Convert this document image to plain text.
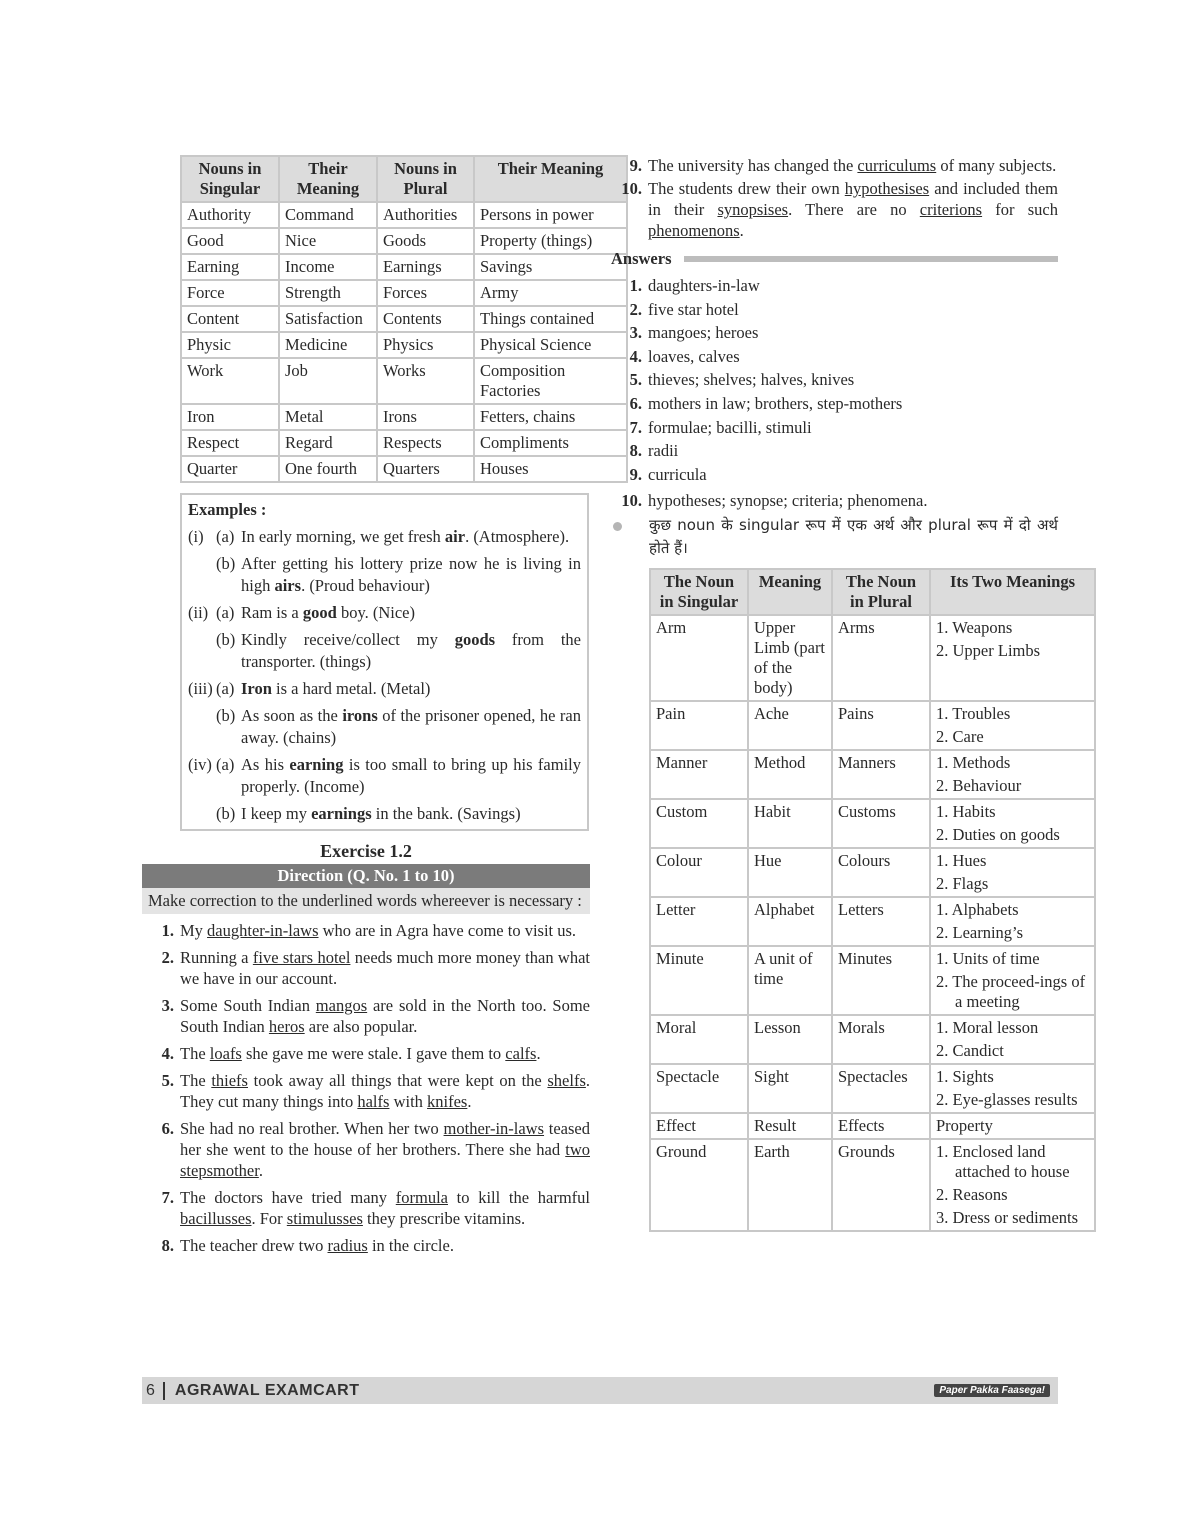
Nouns in Singular	Their Meaning	Nouns in Plural	Their Meaning
Authority	Command	Authorities	Persons in power
Good	Nice	Goods	Property (things)
Earning	Income	Earnings	Savings
Force	Strength	Forces	Army
Content	Satisfaction	Contents	Things contained
Physic	Medicine	Physics	Physical Science
Work	Job	Works	Composition Factories
Iron	Metal	Irons	Fetters, chains
Respect	Regard	Respects	Compliments
Quarter	One fourth	Quarters	Houses
Examples :
(i) (a) In early morning, we get fresh air. (Atmosphere).
(b) After getting his lottery prize now he is living in high airs. (Proud behaviour)
(ii) (a) Ram is a good boy. (Nice)
(b) Kindly receive/collect my goods from the transporter. (things)
(iii) (a) Iron is a hard metal. (Metal)
(b) As soon as the irons of the prisoner opened, he ran away. (chains)
(iv) (a) As his earning is too small to bring up his family properly. (Income)
(b) I keep my earnings in the bank. (Savings)
Exercise 1.2
Direction (Q. No. 1 to 10)
Make correction to the underlined words whereever is necessary :
1. My daughter-in-laws who are in Agra have come to visit us.
2. Running a five stars hotel needs much more money than what we have in our account.
3. Some South Indian mangos are sold in the North too. Some South Indian heros are also popular.
4. The loafs she gave me were stale. I gave them to calfs.
5. The thiefs took away all things that were kept on the shelfs. They cut many things into halfs with knifes.
6. She had no real brother. When her two mother-in-laws teased her she went to the house of her brothers. There she had two stepsmother.
7. The doctors have tried many formula to kill the harmful bacillusses. For stimulusses they prescribe vitamins.
8. The teacher drew two radius in the circle.
9. The university has changed the curriculums of many subjects.
10. The students drew their own hypothesises and included them in their synopsises. There are no criterions for such phenomenons.
Answers
1. daughters-in-law
2. five star hotel
3. mangoes; heroes
4. loaves, calves
5. thieves; shelves; halves, knives
6. mothers in law; brothers, step-mothers
7. formulae; bacilli, stimuli
8. radii
9. curricula
10. hypotheses; synopse; criteria; phenomena.
कुछ noun के singular रूप में एक अर्थ और plural रूप में दो अर्थ होते हैं।
The Noun in Singular	Meaning	The Noun in Plural	Its Two Meanings
Arm	Upper Limb (part of the body)	Arms	1. Weapons
2. Upper Limbs

Pain	Ache	Pains	1. Troubles
2. Care

Manner	Method	Manners	1. Methods
2. Behaviour

Custom	Habit	Customs	1. Habits
2. Duties on goods

Colour	Hue	Colours	1. Hues
2. Flags

Letter	Alphabet	Letters	1. Alphabets
2. Learning’s

Minute	A unit of time	Minutes	1. Units of time
2. The proceed-ings of a meeting

Moral	Lesson	Morals	1. Moral lesson
2. Candict

Spectacle	Sight	Spectacles	1. Sights
2. Eye-glasses results

Effect	Result	Effects	Property

Ground	Earth	Grounds	1. Enclosed land attached to house
2. Reasons
3. Dress or sediments
6 AGRAWAL EXAMCART	Paper Pakka Faasega!
